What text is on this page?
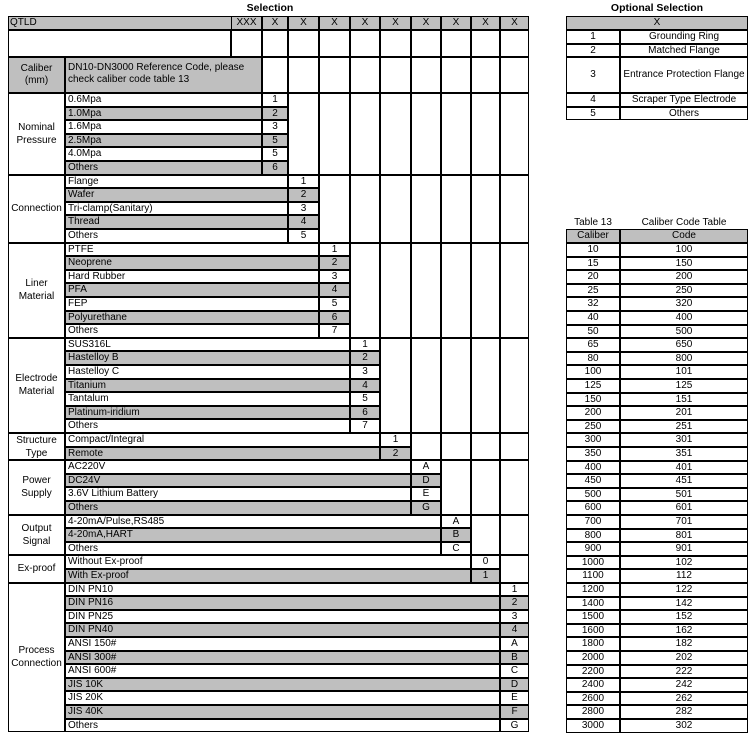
Selection
QTLD	XXX	X	X	X	X	X	X	X	X	X
Caliber (mm)
DN10-DN3000 Reference Code, please check caliber code table 13
Nominal Pressure
0.6Mpa	1
1.0Mpa	2
1.6Mpa	3
2.5Mpa	5
4.0Mpa	5
Others	6
Connection
Flange	1
Wafer	2
Tri-clamp(Sanitary)	3
Thread	4
Others	5
Liner Material
PTFE	1
Neoprene	2
Hard Rubber	3
PFA	4
FEP	5
Polyurethane	6
Others	7
Electrode Material
SUS316L	1
Hastelloy B	2
Hastelloy C	3
Titanium	4
Tantalum	5
Platinum-iridium	6
Others	7
Structure Type
Compact/Integral	1
Remote	2
Power Supply
AC220V	A
DC24V	D
3.6V Lithium Battery	E
Others	G
Output Signal
4-20mA/Pulse,RS485	A
4-20mA,HART	B
Others	C
Ex-proof
Without Ex-proof	0
With Ex-proof	1
Process Connection
DIN PN10	1
DIN PN16	2
DIN PN25	3
DIN PN40	4
ANSI 150#	A
ANSI 300#	B
ANSI 600#	C
JIS 10K	D
JIS 20K	E
JIS 40K	F
Others	G
Optional Selection
X
1	Grounding Ring
2	Matched Flange
3	Entrance Protection Flange
4	Scraper Type Electrode
5	Others
Table 13	Caliber Code Table
Caliber	Code
10	100
15	150
20	200
25	250
32	320
40	400
50	500
65	650
80	800
100	101
125	125
150	151
200	201
250	251
300	301
350	351
400	401
450	451
500	501
600	601
700	701
800	801
900	901
1000	102
1100	112
1200	122
1400	142
1500	152
1600	162
1800	182
2000	202
2200	222
2400	242
2600	262
2800	282
3000	302
